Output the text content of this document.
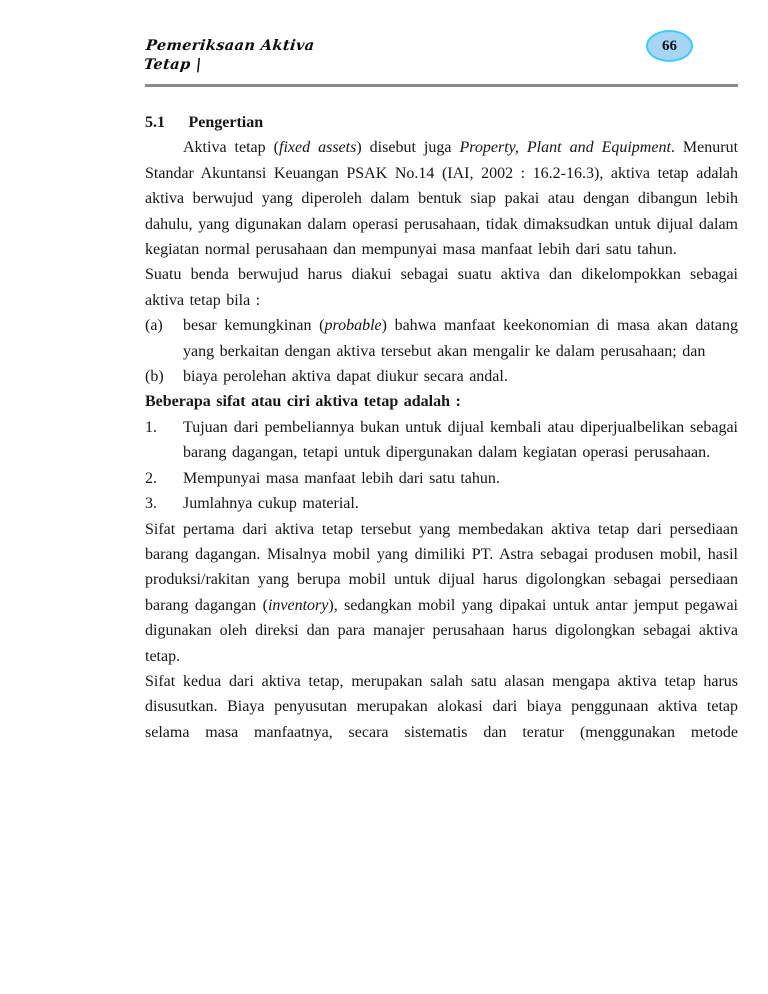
Pemeriksaan Aktiva
Tetap |
66
5.1 Pengertian

Aktiva tetap (fixed assets) disebut juga Property, Plant and Equipment. Menurut Standar Akuntansi Keuangan PSAK No.14 (IAI, 2002 : 16.2-16.3), aktiva tetap adalah aktiva berwujud yang diperoleh dalam bentuk siap pakai atau dengan dibangun lebih dahulu, yang digunakan dalam operasi perusahaan, tidak dimaksudkan untuk dijual dalam kegiatan normal perusahaan dan mempunyai masa manfaat lebih dari satu tahun.

Suatu benda berwujud harus diakui sebagai suatu aktiva dan dikelompokkan sebagai aktiva tetap bila :

(a)	besar kemungkinan (probable) bahwa manfaat keekonomian di masa akan datang yang berkaitan dengan aktiva tersebut akan mengalir ke dalam perusahaan; dan
(b)	biaya perolehan aktiva dapat diukur secara andal.

Beberapa sifat atau ciri aktiva tetap adalah :

1.	Tujuan dari pembeliannya bukan untuk dijual kembali atau diperjualbelikan sebagai barang dagangan, tetapi untuk dipergunakan dalam kegiatan operasi perusahaan.
2.	Mempunyai masa manfaat lebih dari satu tahun.
3.	Jumlahnya cukup material.

Sifat pertama dari aktiva tetap tersebut yang membedakan aktiva tetap dari persediaan barang dagangan. Misalnya mobil yang dimiliki PT. Astra sebagai produsen mobil, hasil produksi/rakitan yang berupa mobil untuk dijual harus digolongkan sebagai persediaan barang dagangan (inventory), sedangkan mobil yang dipakai untuk antar jemput pegawai digunakan oleh direksi dan para manajer perusahaan harus digolongkan sebagai aktiva tetap.

Sifat kedua dari aktiva tetap, merupakan salah satu alasan mengapa aktiva tetap harus disusutkan. Biaya penyusutan merupakan alokasi dari biaya penggunaan aktiva tetap selama masa manfaatnya, secara sistematis dan teratur (menggunakan metode
